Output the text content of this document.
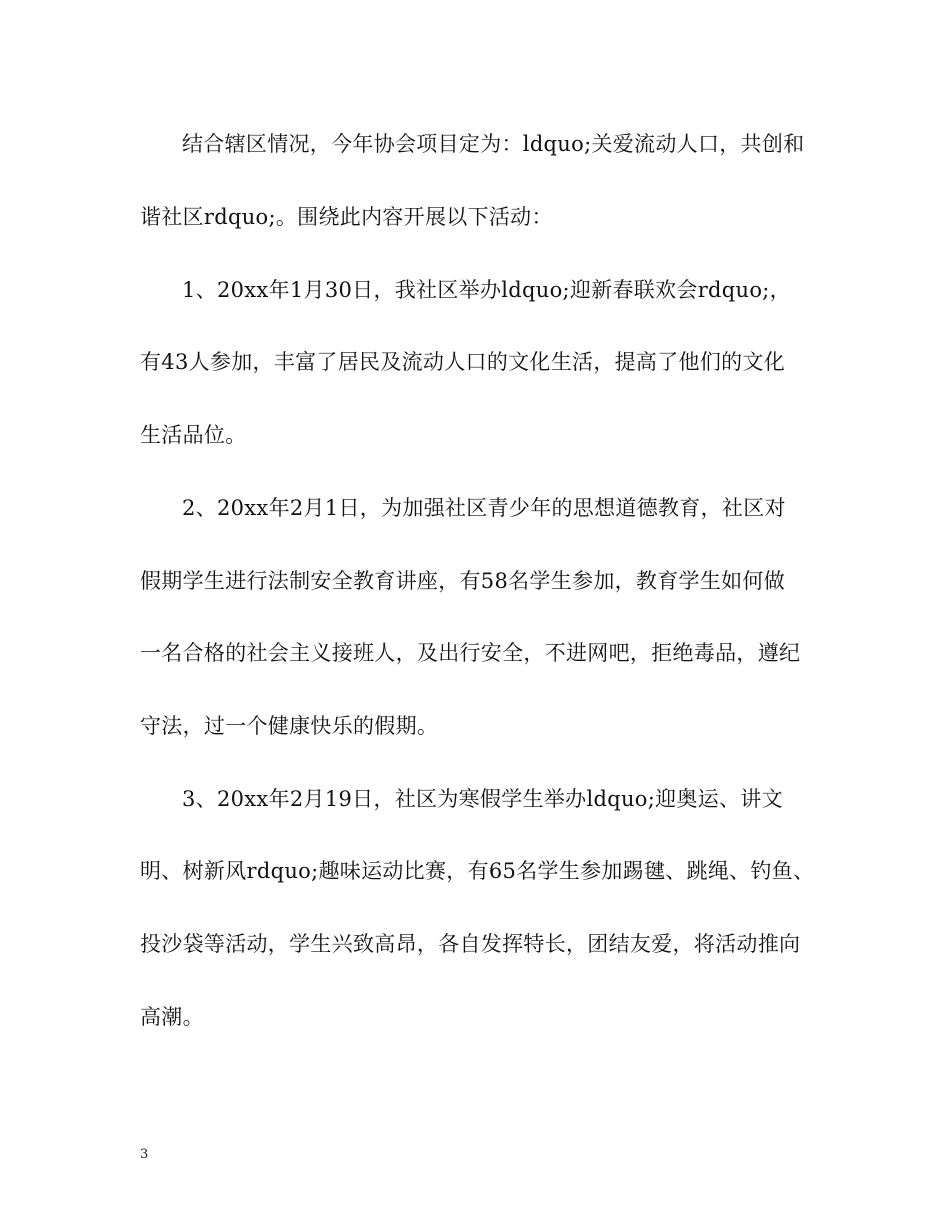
结合辖区情况，今年协会项目定为：ldquo;关爱流动人口，共创和
谐社区rdquo;。围绕此内容开展以下活动：
1、20xx年1月30日，我社区举办ldquo;迎新春联欢会rdquo;，
有43人参加，丰富了居民及流动人口的文化生活，提高了他们的文化
生活品位。
2、20xx年2月1日，为加强社区青少年的思想道德教育，社区对
假期学生进行法制安全教育讲座，有58名学生参加，教育学生如何做
一名合格的社会主义接班人，及出行安全，不进网吧，拒绝毒品，遵纪
守法，过一个健康快乐的假期。
3、20xx年2月19日，社区为寒假学生举办ldquo;迎奥运、讲文
明、树新风rdquo;趣味运动比赛，有65名学生参加踢毽、跳绳、钓鱼、
投沙袋等活动，学生兴致高昂，各自发挥特长，团结友爱，将活动推向
高潮。
3
